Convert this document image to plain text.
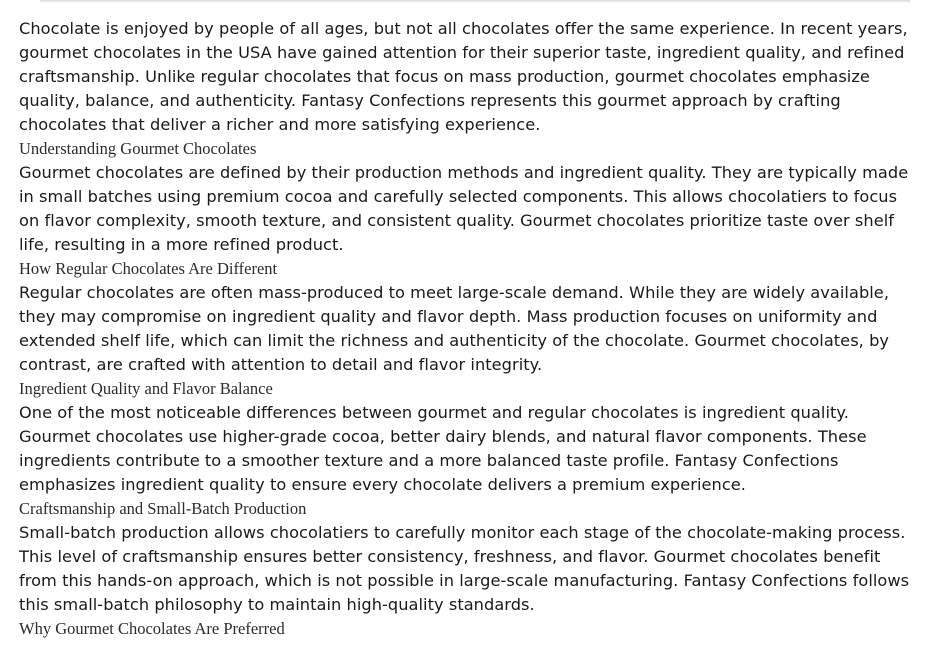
Chocolate is enjoyed by people of all ages, but not all chocolates offer the same experience. In recent years, gourmet chocolates in the USA have gained attention for their superior taste, ingredient quality, and refined craftsmanship. Unlike regular chocolates that focus on mass production, gourmet chocolates emphasize quality, balance, and authenticity. Fantasy Confections represents this gourmet approach by crafting chocolates that deliver a richer and more satisfying experience.

Understanding Gourmet Chocolates

Gourmet chocolates are defined by their production methods and ingredient quality. They are typically made in small batches using premium cocoa and carefully selected components. This allows chocolatiers to focus on flavor complexity, smooth texture, and consistent quality. Gourmet chocolates prioritize taste over shelf life, resulting in a more refined product.

How Regular Chocolates Are Different

Regular chocolates are often mass-produced to meet large-scale demand. While they are widely available, they may compromise on ingredient quality and flavor depth. Mass production focuses on uniformity and extended shelf life, which can limit the richness and authenticity of the chocolate. Gourmet chocolates, by contrast, are crafted with attention to detail and flavor integrity.

Ingredient Quality and Flavor Balance

One of the most noticeable differences between gourmet and regular chocolates is ingredient quality. Gourmet chocolates use higher-grade cocoa, better dairy blends, and natural flavor components. These ingredients contribute to a smoother texture and a more balanced taste profile. Fantasy Confections emphasizes ingredient quality to ensure every chocolate delivers a premium experience.

Craftsmanship and Small-Batch Production

Small-batch production allows chocolatiers to carefully monitor each stage of the chocolate-making process. This level of craftsmanship ensures better consistency, freshness, and flavor. Gourmet chocolates benefit from this hands-on approach, which is not possible in large-scale manufacturing. Fantasy Confections follows this small-batch philosophy to maintain high-quality standards.

Why Gourmet Chocolates Are Preferred
